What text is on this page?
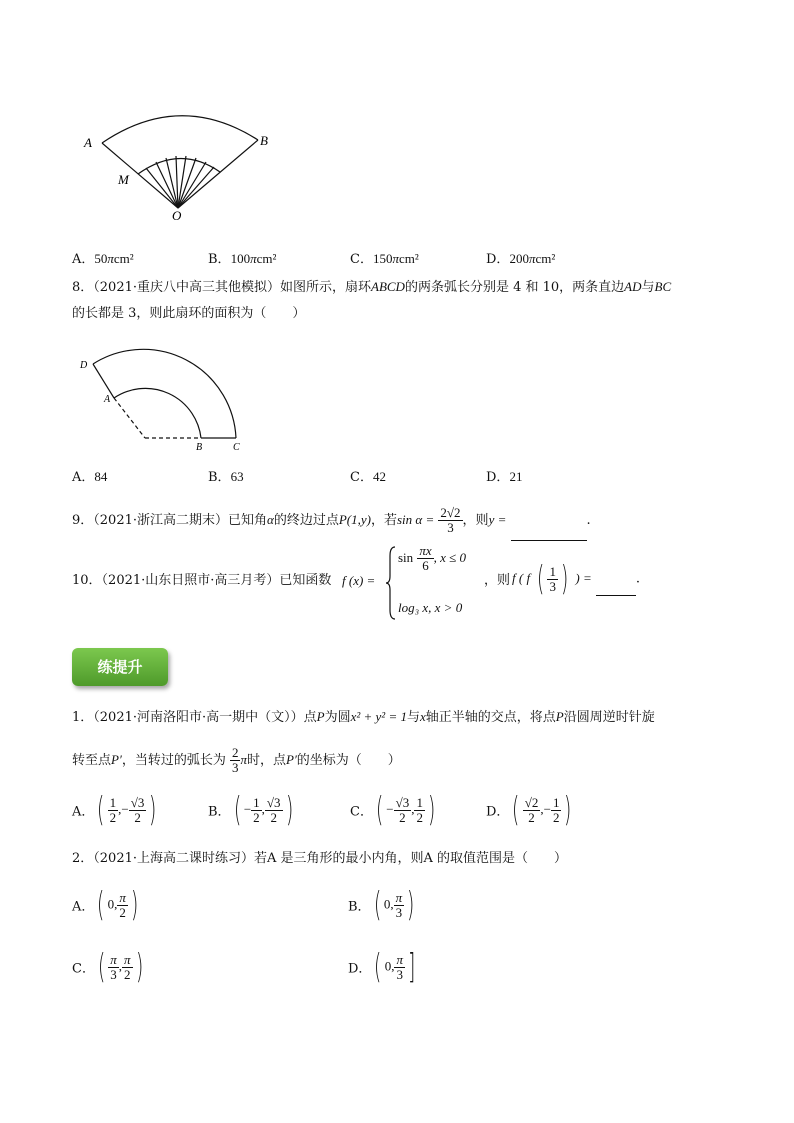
A	B
M
O
A．50πcm²	B．100πcm²	C．150πcm²	D．200πcm²
8．（2021·重庆八中高三其他模拟）如图所示，扇环ABCD的两条弧长分别是 4 和 10，两条直边AD与BC
的长都是 3，则此扇环的面积为（　　）
D
A
B	C
A．84	B．63	C．42	D．21
9．（2021·浙江高二期末）已知角α的终边过点P(1,y)，若$\sin \alpha = \frac{2√2}{3}$ ，则y =	.
10．（2021·山东日照市·高三月考）已知函数 f (x) =
$\sin \frac{\pi x}{6}$ , x ≤ 0
log₃ x, x > 0
，则 f ( f ( $\frac{1}{3}$ ) ) =	.
练提升
1．（2021·河南洛阳市·高一期中（文））点P为圆x² + y² = 1与x轴正半轴的交点，将点P沿圆周逆时针旋
转至点P′，当转过的弧长为 $\frac{2}{3}$ π时，点P′的坐标为（　　）
A．( $\frac{1}{2}$ ,− $\frac{√3}{2}$ )	B．( − $\frac{1}{2}$ , $\frac{√3}{2}$ )	C．( − $\frac{√3}{2}$ , $\frac{1}{2}$ )	D．( $\frac{√2}{2}$ ,− $\frac{1}{2}$ )
2．（2021·上海高二课时练习）若A 是三角形的最小内角，则A 的取值范围是（　　）
A．( 0, $\frac{\pi}{2}$ )	B．( 0, $\frac{\pi}{3}$ )
C．( $\frac{\pi}{3}$ , $\frac{\pi}{2}$ )	D．( 0, $\frac{\pi}{3}$ ]
